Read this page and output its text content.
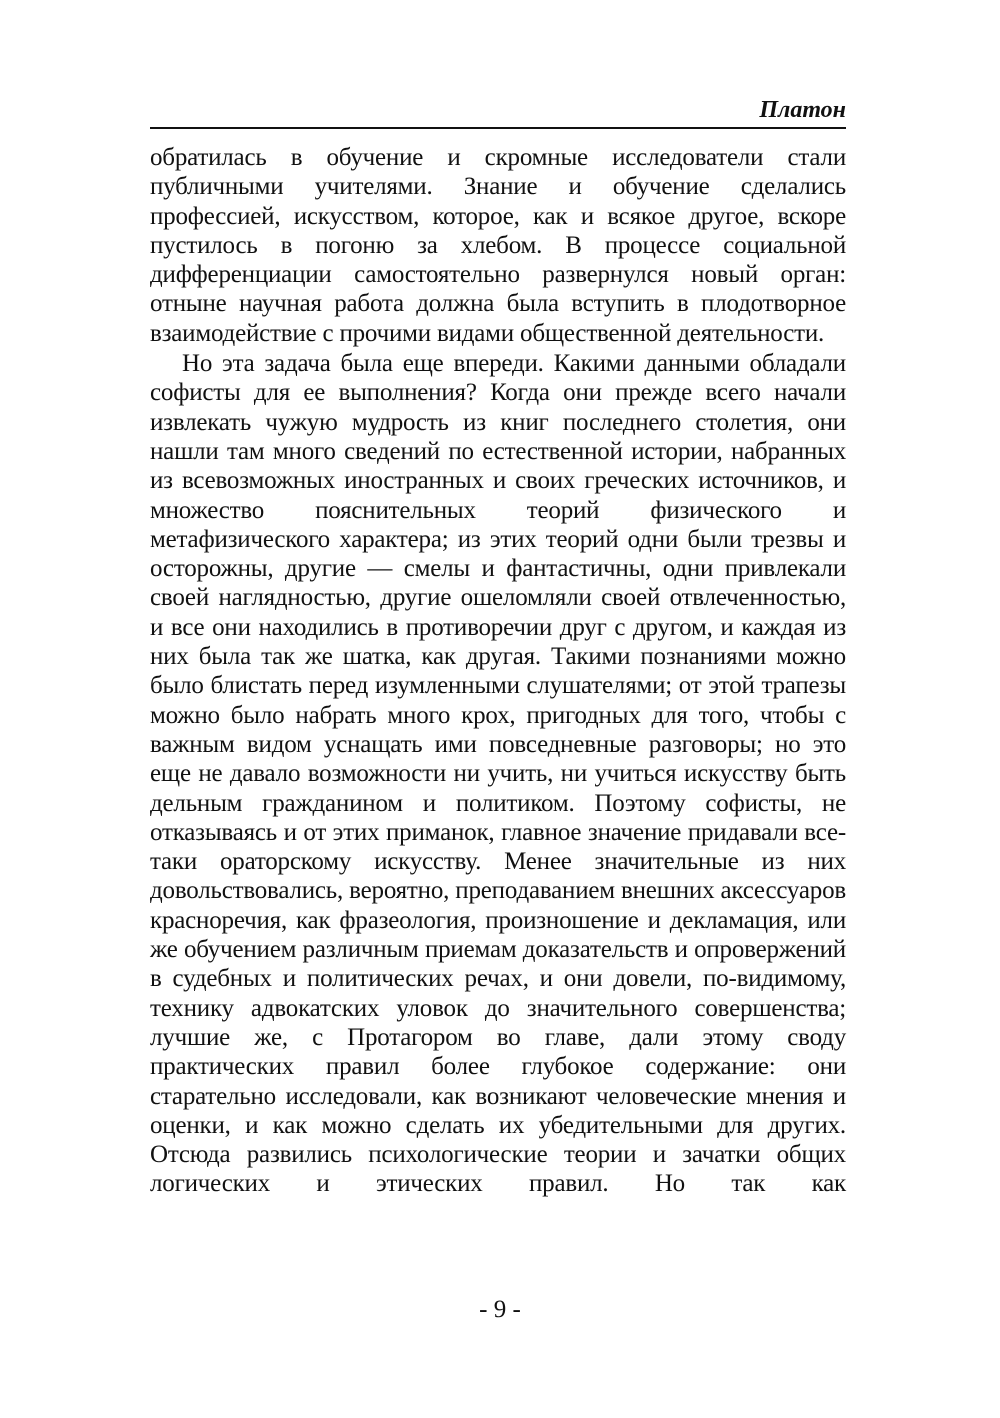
Платон

обратилась в обучение и скромные исследователи стали публичными учителями. Знание и обучение сделались профессией, искусством, которое, как и всякое другое, вскоре пустилось в погоню за хлебом. В процессе социальной дифференциации самостоятельно развернулся новый орган: отныне научная работа должна была вступить в плодотворное взаимодействие с прочими видами общественной деятельности.

Но эта задача была еще впереди. Какими данными обладали софисты для ее выполнения? Когда они прежде всего начали извлекать чужую мудрость из книг последнего столетия, они нашли там много сведений по естественной истории, набранных из всевозможных иностранных и своих греческих источников, и множество пояснительных теорий физического и метафизического характера; из этих теорий одни были трезвы и осторожны, другие — смелы и фантастичны, одни привлекали своей наглядностью, другие ошеломляли своей отвлеченностью, и все они находились в противоречии друг с другом, и каждая из них была так же шатка, как другая. Такими познаниями можно было блистать перед изумленными слушателями; от этой трапезы можно было набрать много крох, пригодных для того, чтобы с важным видом уснащать ими повседневные разговоры; но это еще не давало возможности ни учить, ни учиться искусству быть дельным гражданином и политиком. Поэтому софисты, не отказываясь и от этих приманок, главное значение придавали все-таки ораторскому искусству. Менее значительные из них довольствовались, вероятно, преподаванием внешних аксессуаров красноречия, как фразеология, произношение и декламация, или же обучением различным приемам доказательств и опровержений в судебных и политических речах, и они довели, по-видимому, технику адвокатских уловок до значительного совершенства; лучшие же, с Протагором во главе, дали этому своду практических правил более глубокое содержание: они старательно исследовали, как возникают человеческие мнения и оценки, и как можно сделать их убедительными для других. Отсюда развились психологические теории и зачатки общих логических и этических правил. Но так как

- 9 -
